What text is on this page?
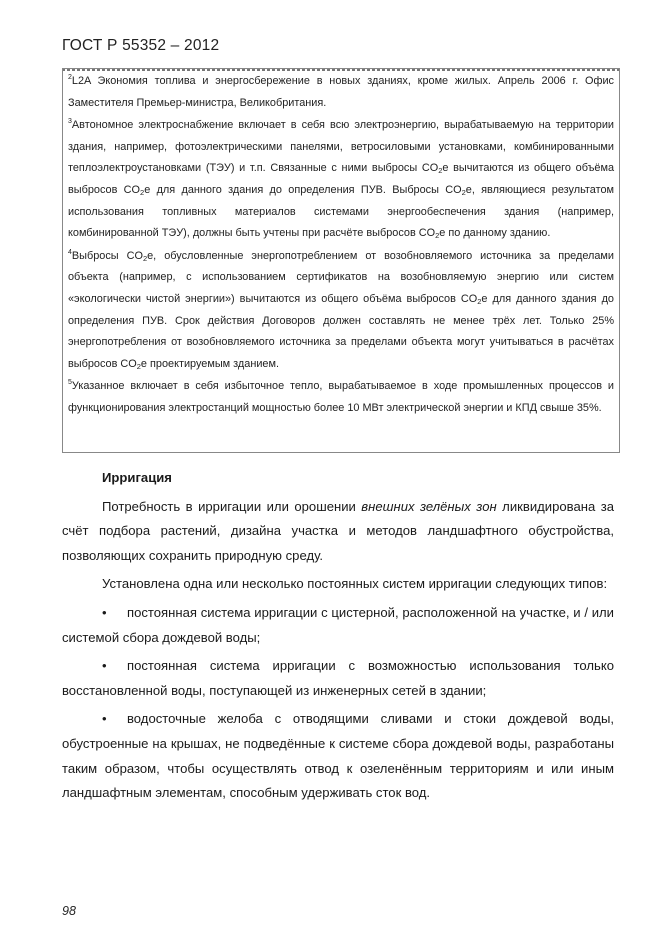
ГОСТ Р 55352 – 2012

$^2$L2A Экономия топлива и энергосбережение в новых зданиях, кроме жилых. Апрель 2006 г. Офис Заместителя Премьер-министра, Великобритания.

$^3$Автономное электроснабжение включает в себя всю электроэнергию, вырабатываемую на территории здания, например, фотоэлектрическими панелями, ветросиловыми установками, комбинированными теплоэлектроустановками (ТЭУ) и т.п. Связанные с ними выбросы $CO_2e$ вычитаются из общего объёма выбросов $CO_2e$ для данного здания до определения ПУВ. Выбросы $CO_2e$, являющиеся результатом использования топливных материалов системами энергообеспечения здания (например, комбинированной ТЭУ), должны быть учтены при расчёте выбросов $CO_2e$ по данному зданию.

$^4$Выбросы $CO_2e$, обусловленные энергопотреблением от возобновляемого источника за пределами объекта (например, с использованием сертификатов на возобновляемую энергию или систем «экологически чистой энергии») вычитаются из общего объёма выбросов $CO_2e$ для данного здания до определения ПУВ. Срок действия Договоров должен составлять не менее трёх лет. Только 25% энергопотребления от возобновляемого источника за пределами объекта могут учитываться в расчётах выбросов $CO_2e$ проектируемым зданием.

$^5$Указанное включает в себя избыточное тепло, вырабатываемое в ходе промышленных процессов и функционирования электростанций мощностью более 10 МВт электрической энергии и КПД свыше 35%.

Ирригация

Потребность в ирригации или орошении внешних зелёных зон ликвидирована за счёт подбора растений, дизайна участка и методов ландшафтного обустройства, позволяющих сохранить природную среду.

Установлена одна или несколько постоянных систем ирригации следующих типов:

• постоянная система ирригации с цистерной, расположенной на участке, и / или системой сбора дождевой воды;

• постоянная система ирригации с возможностью использования только восстановленной воды, поступающей из инженерных сетей в здании;

• водосточные желоба с отводящими сливами и стоки дождевой воды, обустроенные на крышах, не подведённые к системе сбора дождевой воды, разработаны таким образом, чтобы осуществлять отвод к озеленённым территориям и или иным ландшафтным элементам, способным удерживать сток вод.

98
